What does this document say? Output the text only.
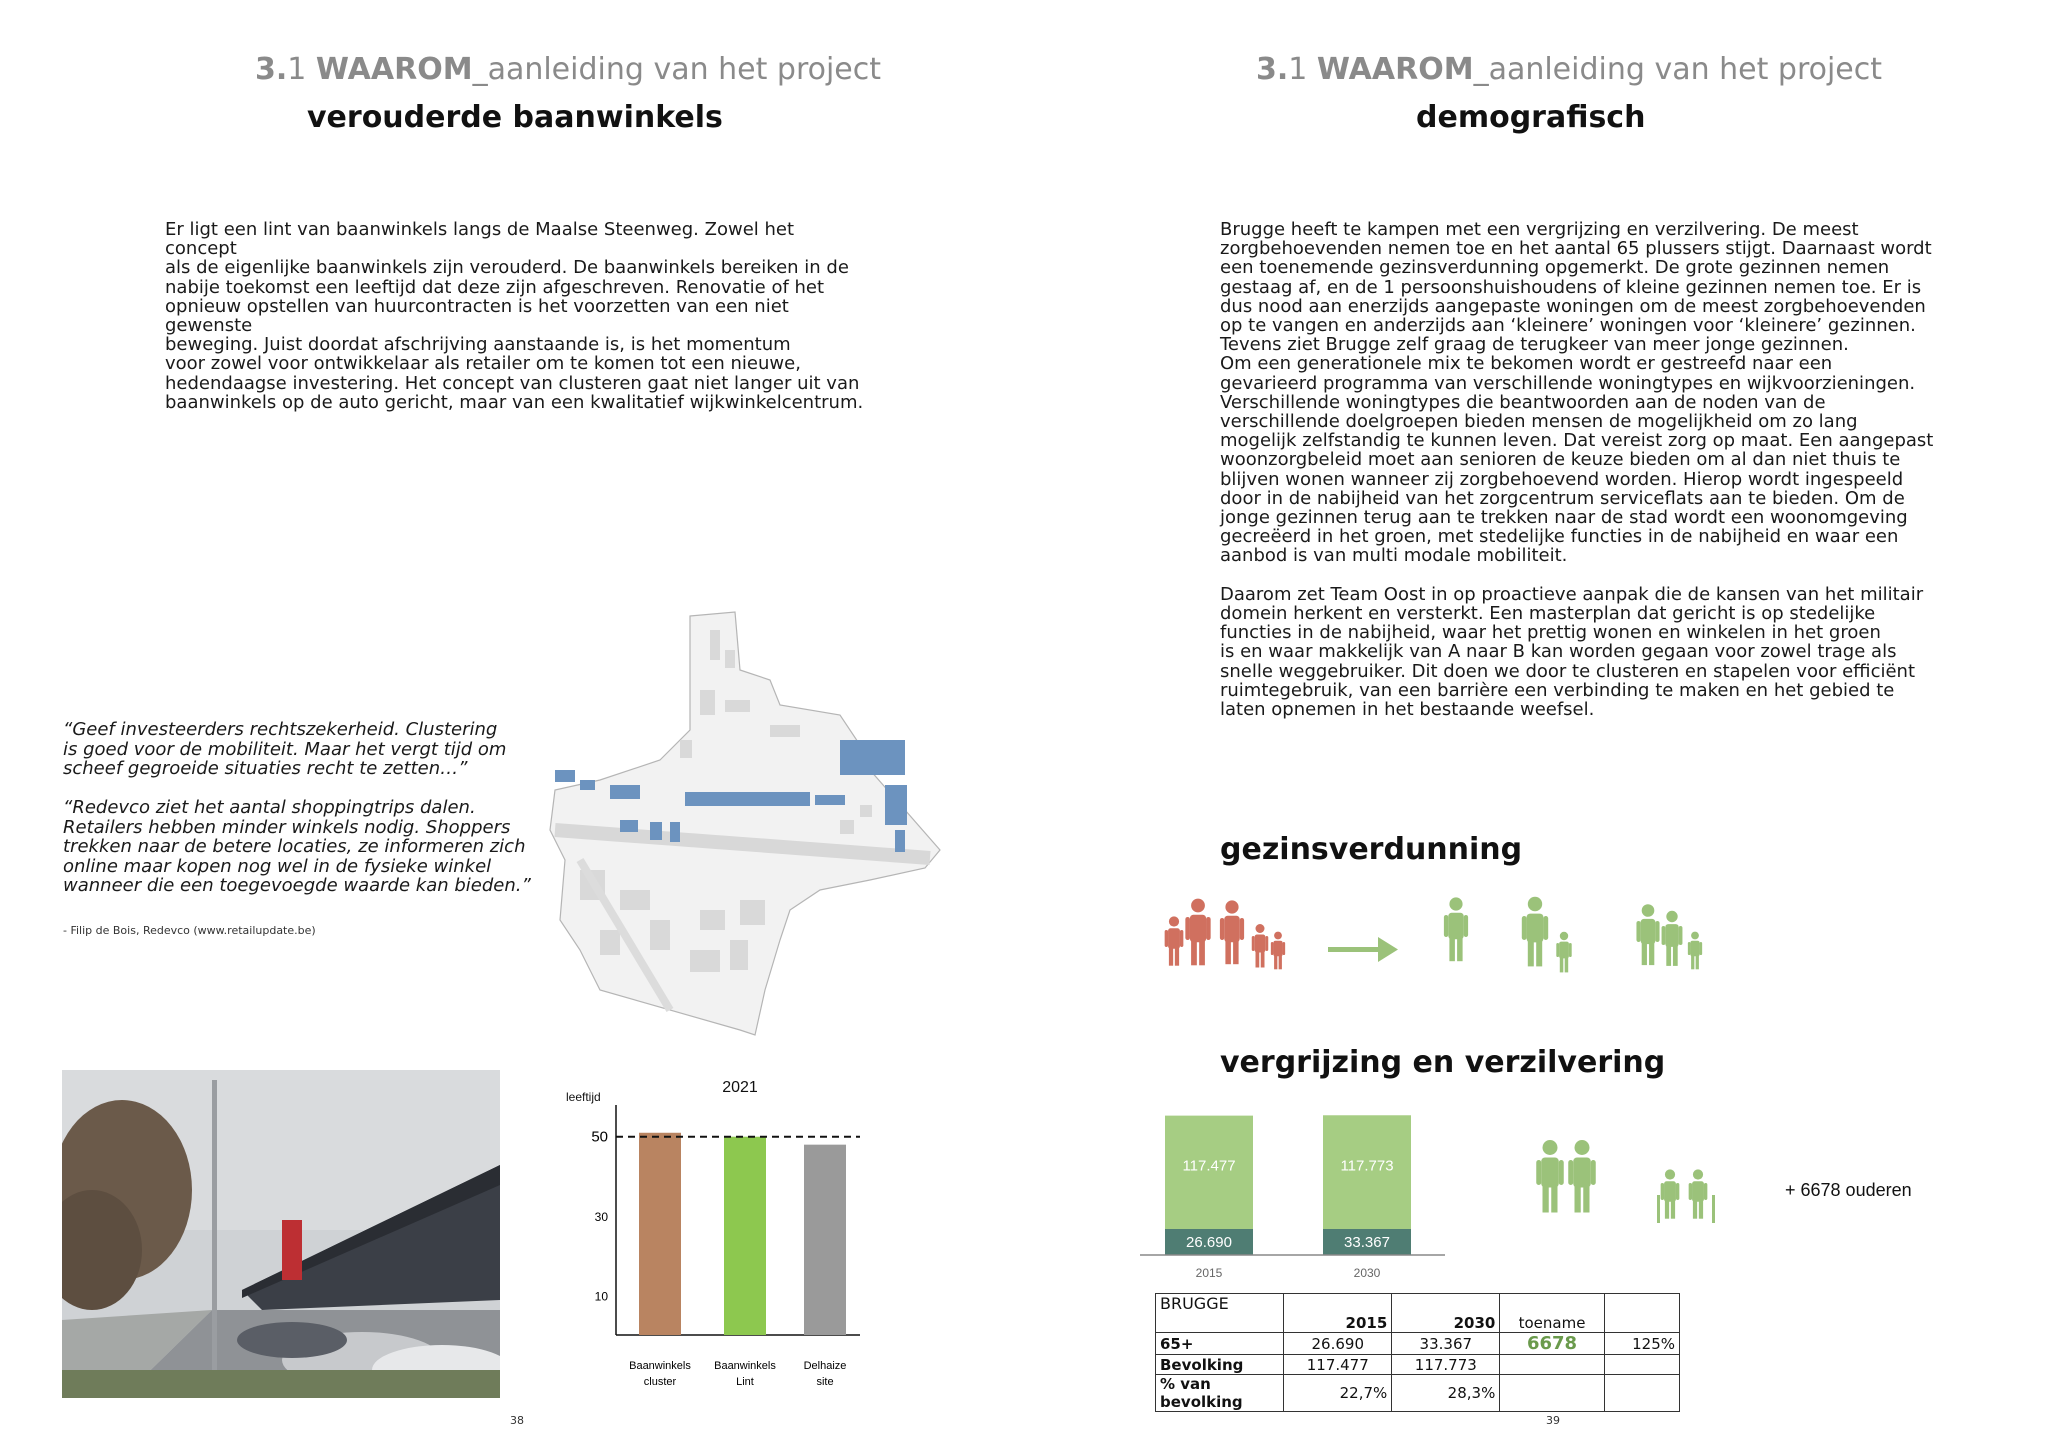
3.1 WAAROM_aanleiding van het project
verouderde baanwinkels
Er ligt een lint van baanwinkels langs de Maalse Steenweg. Zowel het concept
als de eigenlijke baanwinkels zijn verouderd. De baanwinkels bereiken in de
nabije toekomst een leeftijd dat deze zijn afgeschreven. Renovatie of het
opnieuw opstellen van huurcontracten is het voorzetten van een niet gewenste
beweging. Juist doordat afschrijving aanstaande is, is het momentum
voor zowel voor ontwikkelaar als retailer om te komen tot een nieuwe,
hedendaagse investering. Het concept van clusteren gaat niet langer uit van
baanwinkels op de auto gericht, maar van een kwalitatief wijkwinkelcentrum.
“Geef investeerders rechtszekerheid. Clustering
is goed voor de mobiliteit. Maar het vergt tijd om
scheef gegroeide situaties recht te zetten…”
“Redevco ziet het aantal shoppingtrips dalen.
Retailers hebben minder winkels nodig. Shoppers
trekken naar de betere locaties, ze informeren zich
online maar kopen nog wel in de fysieke winkel
wanneer die een toegevoegde waarde kan bieden.”
- Filip de Bois, Redevco (www.retailupdate.be)
2021
leeftijd
10
30
50
Baanwinkels
cluster
Baanwinkels
Lint
Delhaize
site
38
3.1 WAAROM_aanleiding van het project
demografisch
Brugge heeft te kampen met een vergrijzing en verzilvering. De meest
zorgbehoevenden nemen toe en het aantal 65 plussers stijgt. Daarnaast wordt
een toenemende gezinsverdunning opgemerkt. De grote gezinnen nemen
gestaag af, en de 1 persoonshuishoudens of kleine gezinnen nemen toe. Er is
dus nood aan enerzijds aangepaste woningen om de meest zorgbehoevenden
op te vangen en anderzijds aan ‘kleinere’ woningen voor ‘kleinere’ gezinnen.
Tevens ziet Brugge zelf graag de terugkeer van meer jonge gezinnen.
Om een generationele mix te bekomen wordt er gestreefd naar een
gevarieerd programma van verschillende woningtypes en wijkvoorzieningen.
Verschillende woningtypes die beantwoorden aan de noden van de
verschillende doelgroepen bieden mensen de mogelijkheid om zo lang
mogelijk zelfstandig te kunnen leven. Dat vereist zorg op maat. Een aangepast
woonzorgbeleid moet aan senioren de keuze bieden om al dan niet thuis te
blijven wonen wanneer zij zorgbehoevend worden. Hierop wordt ingespeeld
door in de nabijheid van het zorgcentrum serviceflats aan te bieden. Om de
jonge gezinnen terug aan te trekken naar de stad wordt een woonomgeving
gecreëerd in het groen, met stedelijke functies in de nabijheid en waar een
aanbod is van multi modale mobiliteit.
Daarom zet Team Oost in op proactieve aanpak die de kansen van het militair
domein herkent en versterkt. Een masterplan dat gericht is op stedelijke
functies in de nabijheid, waar het prettig wonen en winkelen in het groen
is en waar makkelijk van A naar B kan worden gegaan voor zowel trage als
snelle weggebruiker. Dit doen we door te clusteren en stapelen voor efficiënt
ruimtegebruik, van een barrière een verbinding te maken en het gebied te
laten opnemen in het bestaande weefsel.
gezinsverdunning
vergrijzing en verzilvering
117.477
26.690
2015
117.773
33.367
2030
+ 6678 ouderen
BRUGGE	2015	2030	toename	
65+	26.690	33.367	6678	125%
Bevolking	117.477	117.773		
% van bevolking	22,7%	28,3%		
39
